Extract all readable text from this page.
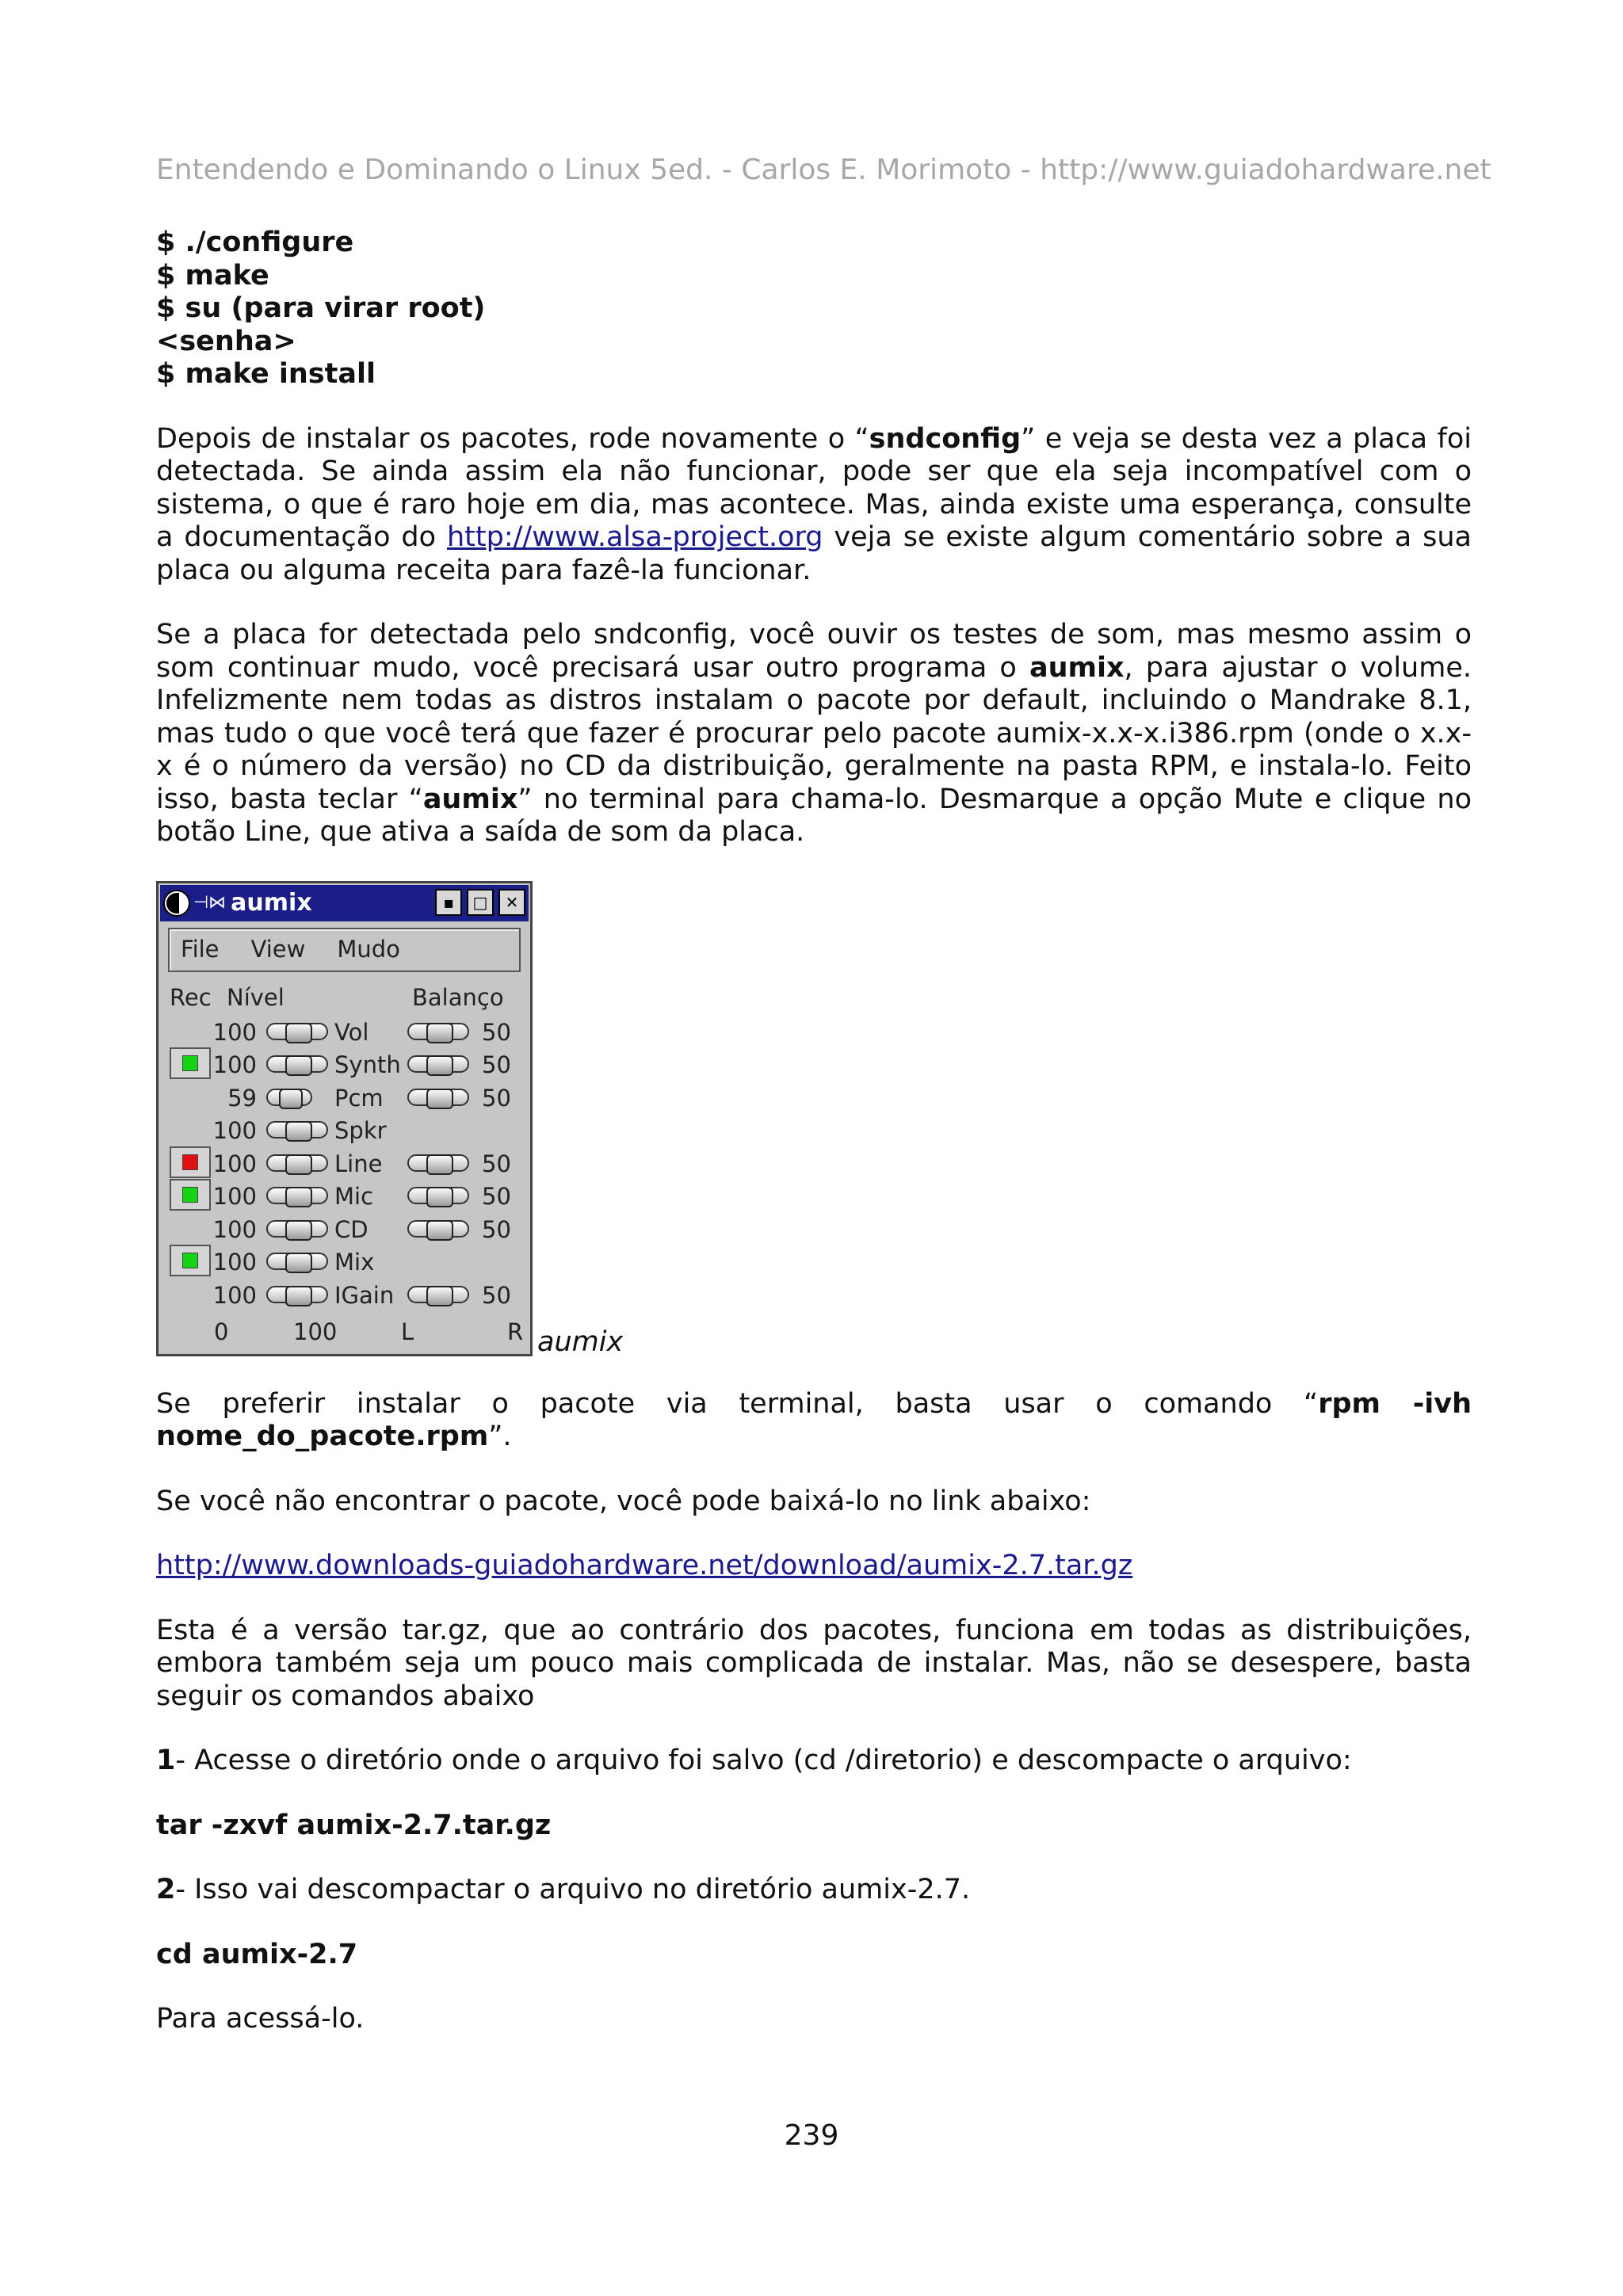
Entendendo e Dominando o Linux 5ed. - Carlos E. Morimoto - http://www.guiadohardware.net
$ ./configure
$ make
$ su (para virar root)
<senha>
$ make install

Depois de instalar os pacotes, rode novamente o “sndconfig” e veja se desta vez a placa foi detectada. Se ainda assim ela não funcionar, pode ser que ela seja incompatível com o sistema, o que é raro hoje em dia, mas acontece. Mas, ainda existe uma esperança, consulte a documentação do http://www.alsa-project.org veja se existe algum comentário sobre a sua placa ou alguma receita para fazê-la funcionar.

Se a placa for detectada pelo sndconfig, você ouvir os testes de som, mas mesmo assim o som continuar mudo, você precisará usar outro programa o aumix, para ajustar o volume. Infelizmente nem todas as distros instalam o pacote por default, incluindo o Mandrake 8.1, mas tudo o que você terá que fazer é procurar pelo pacote aumix-x.x-x.i386.rpm (onde o x.x-x é o número da versão) no CD da distribuição, geralmente na pasta RPM, e instala-lo. Feito isso, basta teclar “aumix” no terminal para chama-lo. Desmarque a opção Mute e clique no botão Line, que ativa a saída de som da placa.

⊣⋈ aumix	▪	□	✕
File View Mudo
Rec Nível	Balanço
100	Vol	50
100	Synth	50
59	Pcm	50
100	Spkr
100	Line	50
100	Mic	50
100	CD	50
100	Mix
100	IGain	50
0	100	L	R aumix

Se preferir instalar o pacote via terminal, basta usar o comando “rpm -ivh nome_do_pacote.rpm”.

Se você não encontrar o pacote, você pode baixá-lo no link abaixo:

http://www.downloads-guiadohardware.net/download/aumix-2.7.tar.gz

Esta é a versão tar.gz, que ao contrário dos pacotes, funciona em todas as distribuições, embora também seja um pouco mais complicada de instalar. Mas, não se desespere, basta seguir os comandos abaixo

1- Acesse o diretório onde o arquivo foi salvo (cd /diretorio) e descompacte o arquivo:

tar -zxvf aumix-2.7.tar.gz

2- Isso vai descompactar o arquivo no diretório aumix-2.7.

cd aumix-2.7

Para acessá-lo.

239
